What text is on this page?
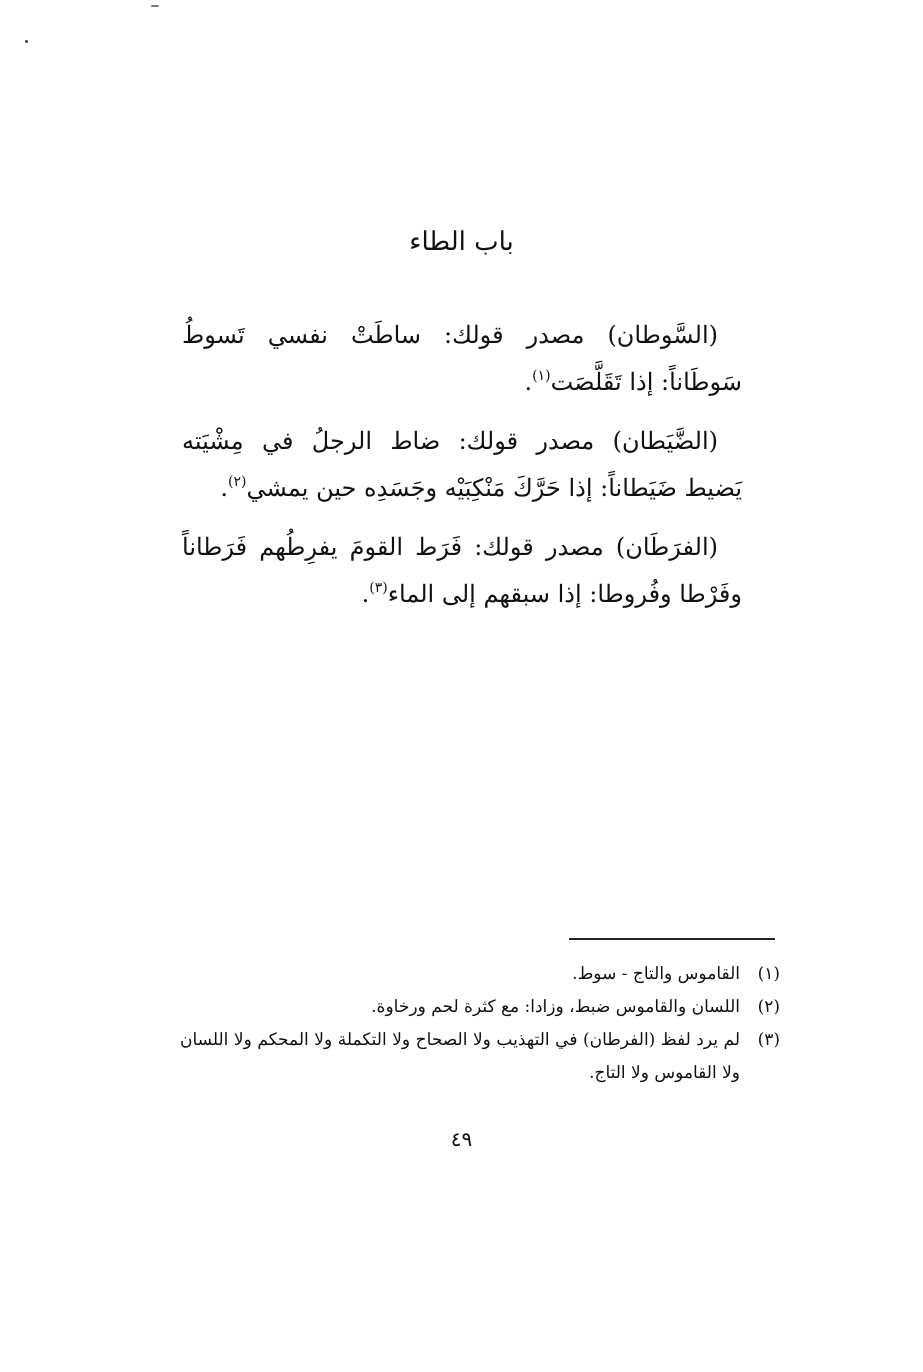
باب الطاء

(السَّوطان) مصدر قولك: ساطَتْ نفسي تَسوطُ سَوطَاناً: إذا تَقَلَّصَت$^{(١)}$.

(الضَّيَطان) مصدر قولك: ضاط الرجلُ في مِشْيَته يَضيط ضَيَطاناً: إذا حَرَّكَ مَنْكِبَيْه وجَسَدِه حين يمشي$^{(٢)}$.

(الفرَطَان) مصدر قولك: فَرَط القومَ يفرِطُهم فَرَطاناً وفَرْطا وفُروطا: إذا سبقهم إلى الماء$^{(٣)}$.

(١)
القاموس والتاج - سوط.
(٢)
اللسان والقاموس ضبط، وزادا: مع كثرة لحم ورخاوة.
(٣)
لم يرد لفظ (الفرطان) في التهذيب ولا الصحاح ولا التكملة ولا المحكم ولا اللسان ولا القاموس ولا التاج.
٤٩
